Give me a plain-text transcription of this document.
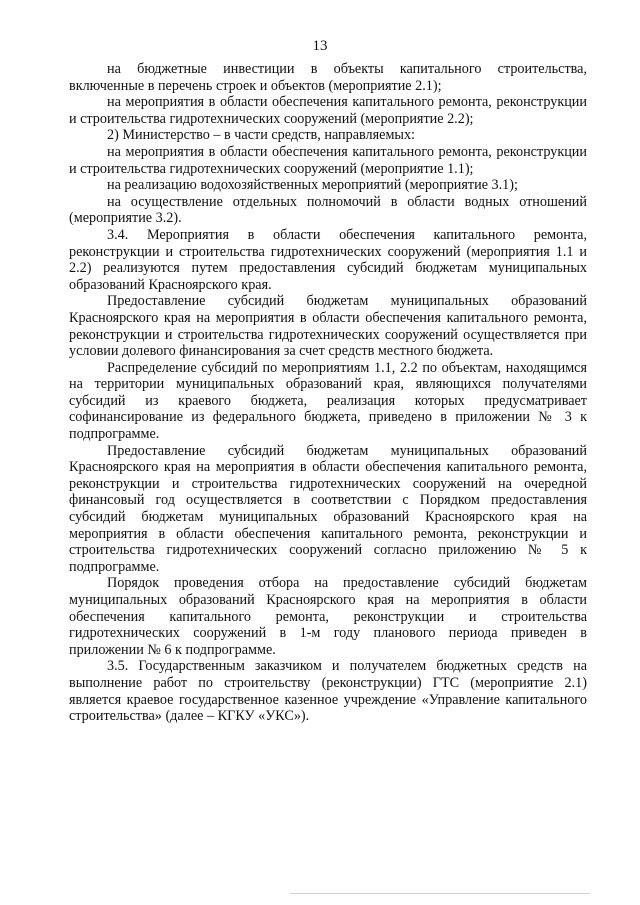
13

на бюджетные инвестиции в объекты капитального строительства, включенные в перечень строек и объектов (мероприятие 2.1);

на мероприятия в области обеспечения капитального ремонта, реконструкции и строительства гидротехнических сооружений (мероприятие 2.2);

2) Министерство – в части средств, направляемых:

на мероприятия в области обеспечения капитального ремонта, реконструкции и строительства гидротехнических сооружений (мероприятие 1.1);

на реализацию водохозяйственных мероприятий (мероприятие 3.1);

на осуществление отдельных полномочий в области водных отношений (мероприятие 3.2).

3.4. Мероприятия в области обеспечения капитального ремонта, реконструкции и строительства гидротехнических сооружений (мероприятия 1.1 и 2.2) реализуются путем предоставления субсидий бюджетам муниципальных образований Красноярского края.

Предоставление субсидий бюджетам муниципальных образований Красноярского края на мероприятия в области обеспечения капитального ремонта, реконструкции и строительства гидротехнических сооружений осуществляется при условии долевого финансирования за счет средств местного бюджета.

Распределение субсидий по мероприятиям 1.1, 2.2 по объектам, находящимся на территории муниципальных образований края, являющихся получателями субсидий из краевого бюджета, реализация которых предусматривает софинансирование из федерального бюджета, приведено в приложении № 3 к подпрограмме.

Предоставление субсидий бюджетам муниципальных образований Красноярского края на мероприятия в области обеспечения капитального ремонта, реконструкции и строительства гидротехнических сооружений на очередной финансовый год осуществляется в соответствии с Порядком предоставления субсидий бюджетам муниципальных образований Красноярского края на мероприятия в области обеспечения капитального ремонта, реконструкции и строительства гидротехнических сооружений согласно приложению № 5 к подпрограмме.

Порядок проведения отбора на предоставление субсидий бюджетам муниципальных образований Красноярского края на мероприятия в области обеспечения капитального ремонта, реконструкции и строительства гидротехнических сооружений в 1-м году планового периода приведен в приложении № 6 к подпрограмме.

3.5. Государственным заказчиком и получателем бюджетных средств на выполнение работ по строительству (реконструкции) ГТС (мероприятие 2.1) является краевое государственное казенное учреждение «Управление капитального строительства» (далее – КГКУ «УКС»).
